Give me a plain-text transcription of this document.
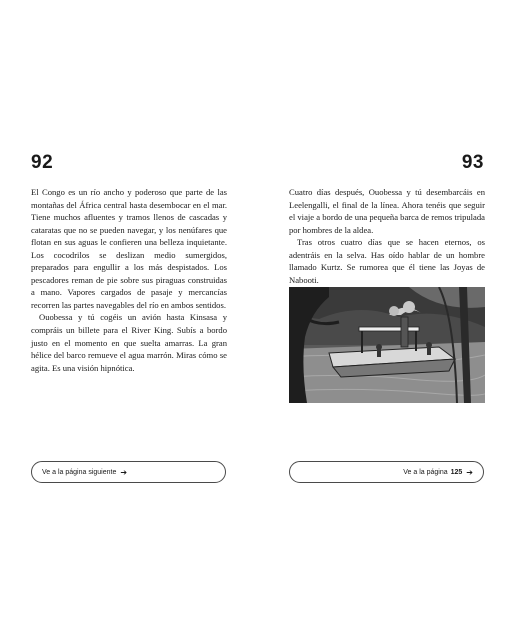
92

El Congo es un río ancho y poderoso que parte de las montañas del África central hasta desembocar en el mar. Tiene muchos afluentes y tramos llenos de cascadas y cataratas que no se pueden navegar, y los nenúfares que flotan en sus aguas le confieren una belleza inquietante. Los cocodrilos se deslizan medio sumergidos, preparados para engullir a los más despistados. Los pescadores reman de pie sobre sus piraguas construidas a mano. Vapores cargados de pasaje y mercancías recorren las partes navegables del río en ambos sentidos.

Ouobessa y tú cogéis un avión hasta Kinsasa y compráis un billete para el River King. Subís a bordo justo en el momento en que suelta amarras. La gran hélice del barco remueve el agua marrón. Miras cómo se agita. Es una visión hipnótica.

Ve a la página siguiente ➔
93

Cuatro días después, Ouobessa y tú desembarcáis en Leelengalli, el final de la línea. Ahora tenéis que seguir el viaje a bordo de una pequeña barca de remos tripulada por hombres de la aldea.

Tras otros cuatro días que se hacen eternos, os adentráis en la selva. Has oído hablar de un hombre llamado Kurtz. Se rumorea que él tiene las Joyas de Nabooti.

Ve a la página 125 ➔
